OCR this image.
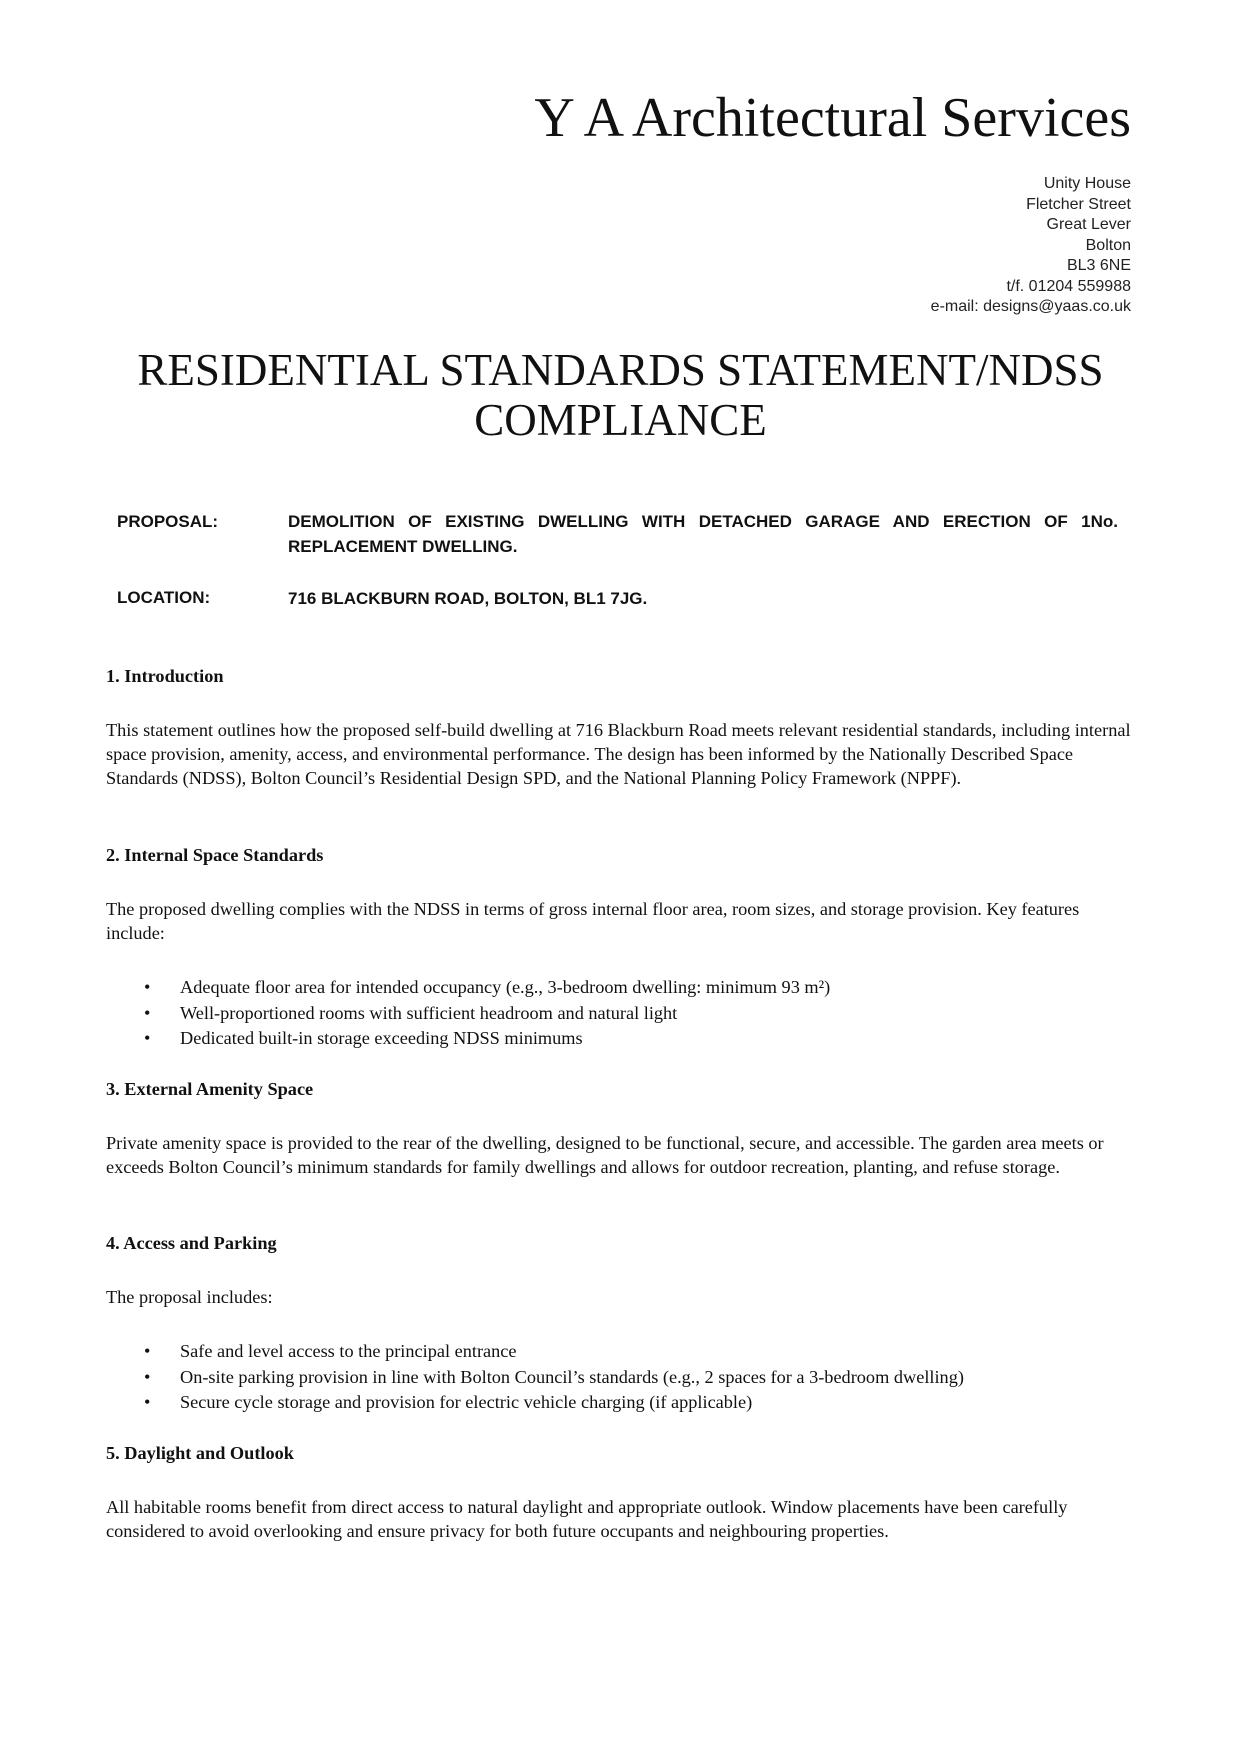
Y A Architectural Services
Unity House
Fletcher Street
Great Lever
Bolton
BL3 6NE
t/f. 01204 559988
e-mail: designs@yaas.co.uk
RESIDENTIAL STANDARDS STATEMENT/NDSS
COMPLIANCE
PROPOSAL:	DEMOLITION OF EXISTING DWELLING WITH DETACHED GARAGE AND ERECTION OF 1No. REPLACEMENT DWELLING.
LOCATION:	716 BLACKBURN ROAD, BOLTON, BL1 7JG.
1. Introduction

This statement outlines how the proposed self-build dwelling at 716 Blackburn Road meets relevant residential standards, including internal space provision, amenity, access, and environmental performance. The design has been informed by the Nationally Described Space Standards (NDSS), Bolton Council’s Residential Design SPD, and the National Planning Policy Framework (NPPF).

2. Internal Space Standards

The proposed dwelling complies with the NDSS in terms of gross internal floor area, room sizes, and storage provision. Key features include:

• Adequate floor area for intended occupancy (e.g., 3-bedroom dwelling: minimum 93 m²)
• Well-proportioned rooms with sufficient headroom and natural light
• Dedicated built-in storage exceeding NDSS minimums
3. External Amenity Space

Private amenity space is provided to the rear of the dwelling, designed to be functional, secure, and accessible. The garden area meets or exceeds Bolton Council’s minimum standards for family dwellings and allows for outdoor recreation, planting, and refuse storage.

4. Access and Parking

The proposal includes:

• Safe and level access to the principal entrance
• On-site parking provision in line with Bolton Council’s standards (e.g., 2 spaces for a 3-bedroom dwelling)
• Secure cycle storage and provision for electric vehicle charging (if applicable)
5. Daylight and Outlook

All habitable rooms benefit from direct access to natural daylight and appropriate outlook. Window placements have been carefully considered to avoid overlooking and ensure privacy for both future occupants and neighbouring properties.
